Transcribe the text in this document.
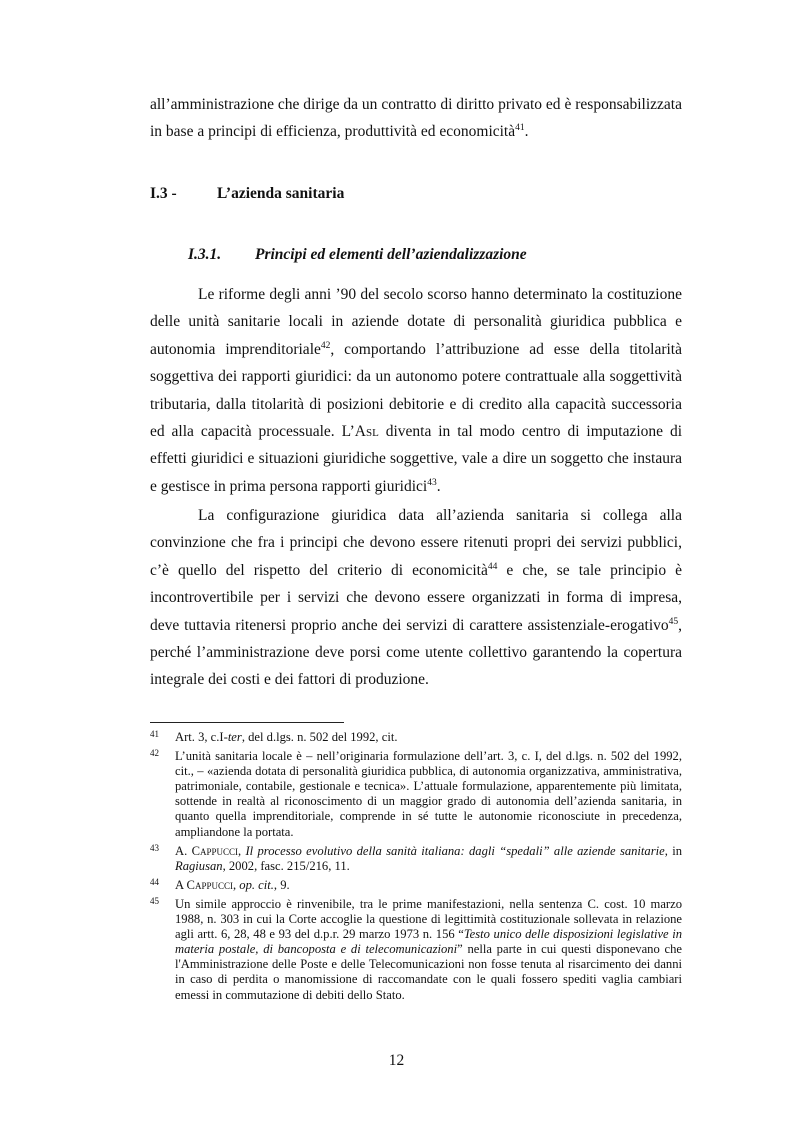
all’amministrazione che dirige da un contratto di diritto privato ed è responsabilizzata in base a principi di efficienza, produttività ed economicità$^{41}$.

I.3 -	L’azienda sanitaria
I.3.1. Principi ed elementi dell’aziendalizzazione

Le riforme degli anni ’90 del secolo scorso hanno determinato la costituzione delle unità sanitarie locali in aziende dotate di personalità giuridica pubblica e autonomia imprenditoriale$^{42}$, comportando l’attribuzione ad esse della titolarità soggettiva dei rapporti giuridici: da un autonomo potere contrattuale alla soggettività tributaria, dalla titolarità di posizioni debitorie e di credito alla capacità successoria ed alla capacità processuale. L’Asl diventa in tal modo centro di imputazione di effetti giuridici e situazioni giuridiche soggettive, vale a dire un soggetto che instaura e gestisce in prima persona rapporti giuridici$^{43}$.

La configurazione giuridica data all’azienda sanitaria si collega alla convinzione che fra i principi che devono essere ritenuti propri dei servizi pubblici, c’è quello del rispetto del criterio di economicità$^{44}$ e che, se tale principio è incontrovertibile per i servizi che devono essere organizzati in forma di impresa, deve tuttavia ritenersi proprio anche dei servizi di carattere assistenziale-erogativo$^{45}$, perché l’amministrazione deve porsi come utente collettivo garantendo la copertura integrale dei costi e dei fattori di produzione.

41 Art. 3, c.I-ter, del d.lgs. n. 502 del 1992, cit.
42 L’unità sanitaria locale è – nell’originaria formulazione dell’art. 3, c. I, del d.lgs. n. 502 del 1992, cit., – «azienda dotata di personalità giuridica pubblica, di autonomia organizzativa, amministrativa, patrimoniale, contabile, gestionale e tecnica». L’attuale formulazione, apparentemente più limitata, sottende in realtà al riconoscimento di un maggior grado di autonomia dell’azienda sanitaria, in quanto quella imprenditoriale, comprende in sé tutte le autonomie riconosciute in precedenza, ampliandone la portata.
43 A. Cappucci, Il processo evolutivo della sanità italiana: dagli “spedali” alle aziende sanitarie, in Ragiusan, 2002, fasc. 215/216, 11.
44 A Cappucci, op. cit., 9.
45 Un simile approccio è rinvenibile, tra le prime manifestazioni, nella sentenza C. cost. 10 marzo 1988, n. 303 in cui la Corte accoglie la questione di legittimità costituzionale sollevata in relazione agli artt. 6, 28, 48 e 93 del d.p.r. 29 marzo 1973 n. 156 “Testo unico delle disposizioni legislative in materia postale, di bancoposta e di telecomunicazioni” nella parte in cui questi disponevano che l'Amministrazione delle Poste e delle Telecomunicazioni non fosse tenuta al risarcimento dei danni in caso di perdita o manomissione di raccomandate con le quali fossero spediti vaglia cambiari emessi in commutazione di debiti dello Stato.
12
